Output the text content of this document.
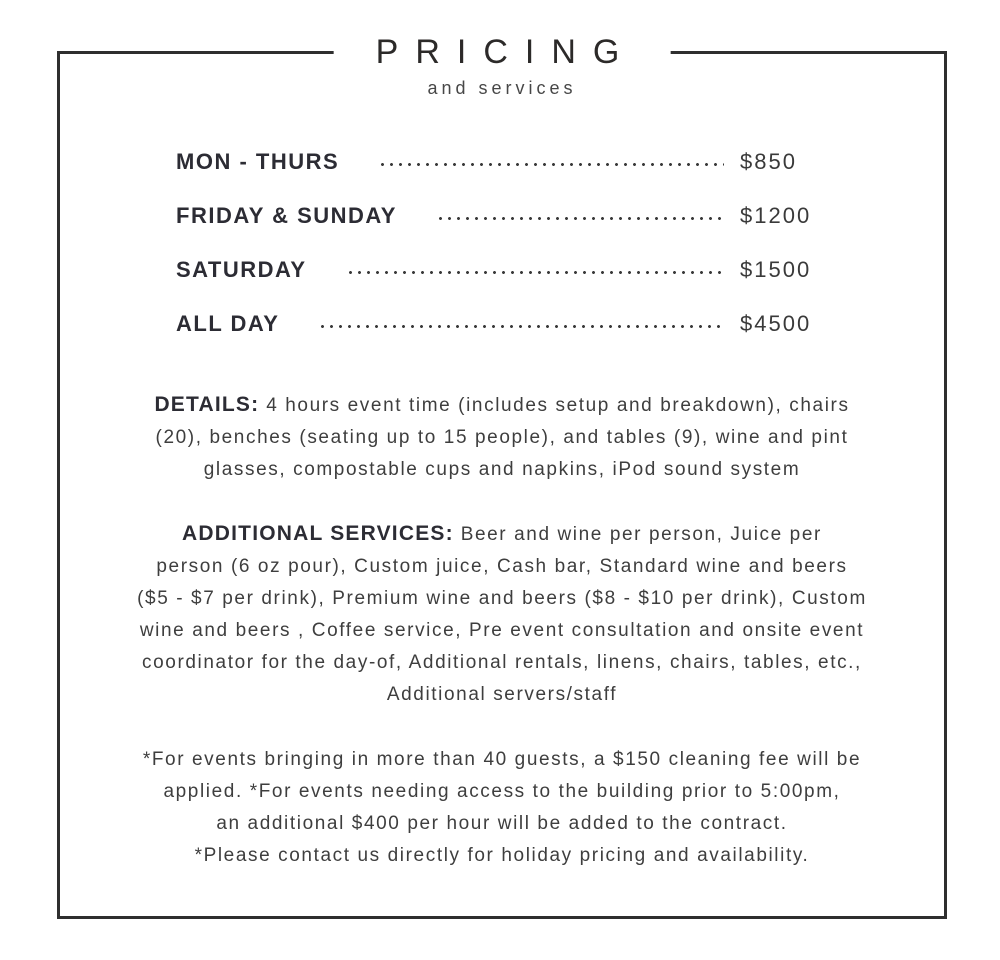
PRICING
and services
MON - THURS	$850
FRIDAY & SUNDAY	$1200
SATURDAY	$1500
ALL DAY	$4500
DETAILS: 4 hours event time (includes setup and breakdown), chairs
(20), benches (seating up to 15 people), and tables (9), wine and pint
glasses, compostable cups and napkins, iPod sound system
ADDITIONAL SERVICES: Beer and wine per person, Juice per
person (6 oz pour), Custom juice, Cash bar, Standard wine and beers
($5 - $7 per drink), Premium wine and beers ($8 - $10 per drink), Custom
wine and beers , Coffee service, Pre event consultation and onsite event
coordinator for the day-of, Additional rentals, linens, chairs, tables, etc.,
Additional servers/staff
*For events bringing in more than 40 guests, a $150 cleaning fee will be
applied. *For events needing access to the building prior to 5:00pm,
an additional $400 per hour will be added to the contract.
*Please contact us directly for holiday pricing and availability.
